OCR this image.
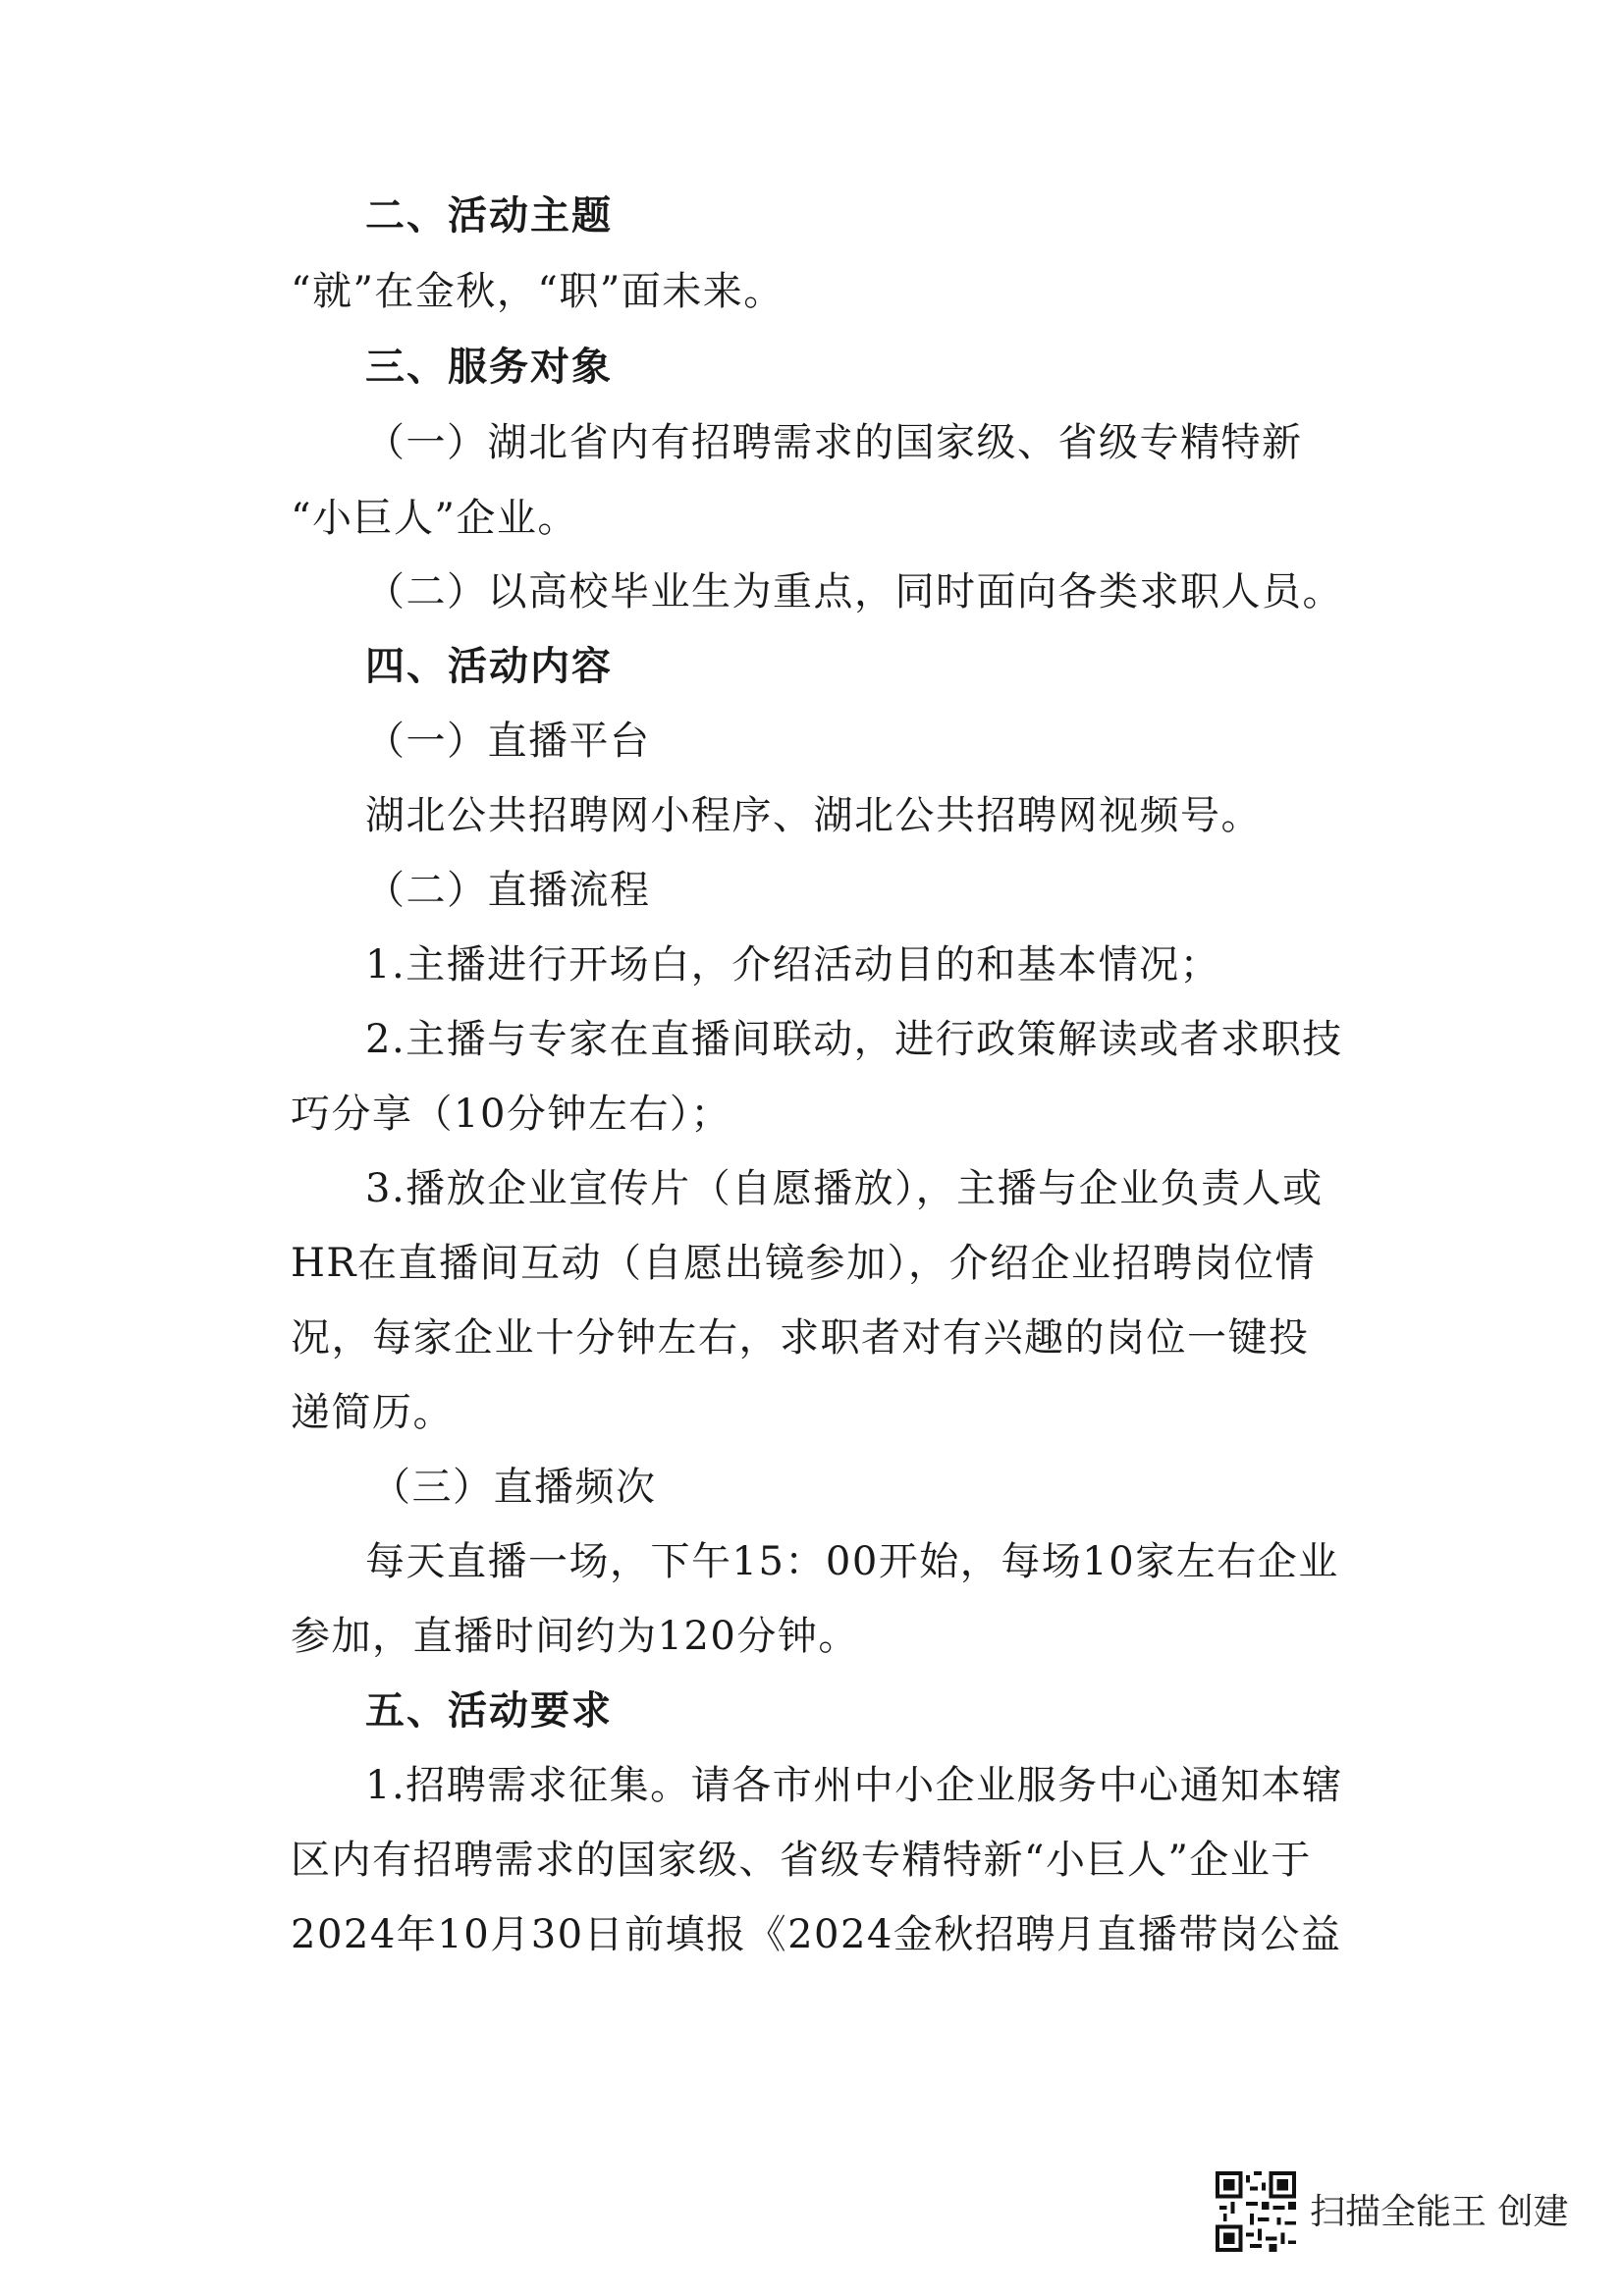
二、活动主题
“就”在金秋，“职”面未来。
三、服务对象
（一）湖北省内有招聘需求的国家级、省级专精特新
“小巨人”企业。
（二）以高校毕业生为重点，同时面向各类求职人员。
四、活动内容
（一）直播平台
湖北公共招聘网小程序、湖北公共招聘网视频号。
（二）直播流程
1.主播进行开场白，介绍活动目的和基本情况；
2.主播与专家在直播间联动，进行政策解读或者求职技
巧分享（10分钟左右）；
3.播放企业宣传片（自愿播放），主播与企业负责人或
HR在直播间互动（自愿出镜参加），介绍企业招聘岗位情
况，每家企业十分钟左右，求职者对有兴趣的岗位一键投
递简历。
（三）直播频次
每天直播一场，下午15：00开始，每场10家左右企业
参加，直播时间约为120分钟。
五、活动要求
1.招聘需求征集。请各市州中小企业服务中心通知本辖
区内有招聘需求的国家级、省级专精特新“小巨人”企业于
2024年10月30日前填报《2024金秋招聘月直播带岗公益
扫描全能王 创建
